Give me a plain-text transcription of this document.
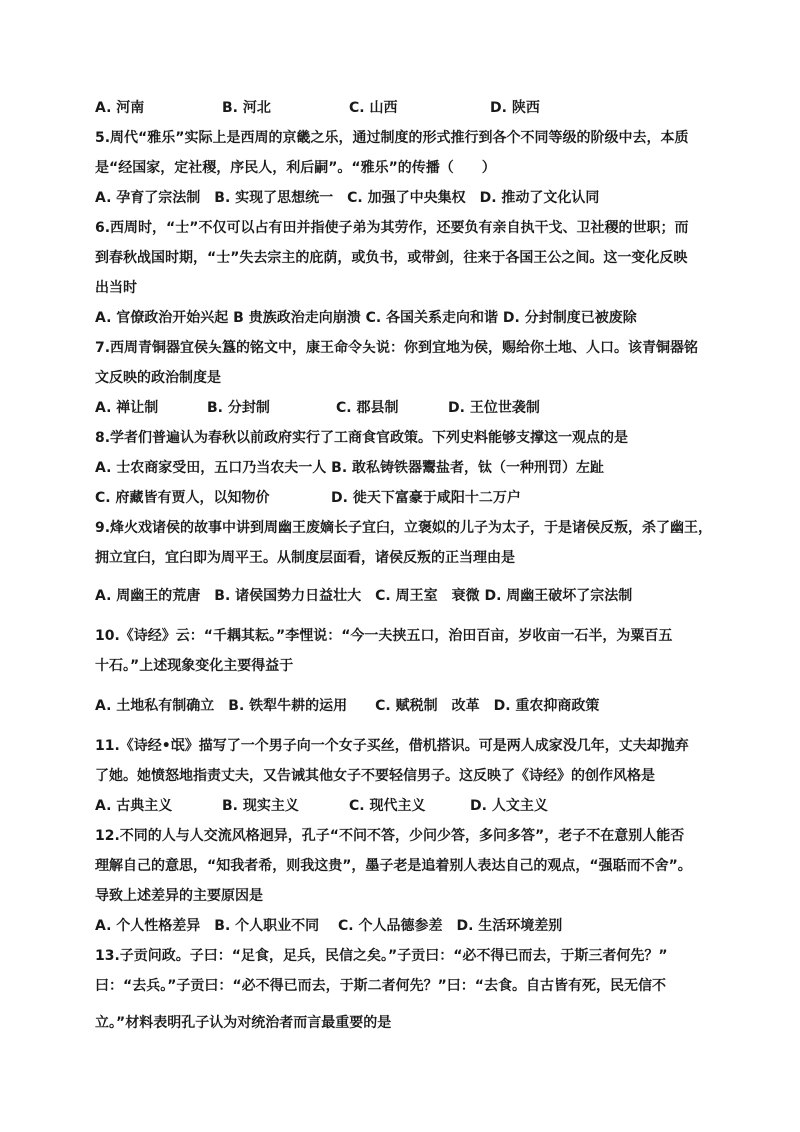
A. 河南	B. 河北	C. 山西	D. 陕西
5.周代“雅乐”实际上是西周的京畿之乐，通过制度的形式推行到各个不同等级的阶级中去，本质
是“经国家，定社稷，序民人，利后嗣”。“雅乐”的传播（　　）
A. 孕育了宗法制　B. 实现了思想统一　C. 加强了中央集权　D. 推动了文化认同
6.西周时，“士”不仅可以占有田并指使子弟为其劳作，还要负有亲自执干戈、卫社稷的世职；而
到春秋战国时期，“士”失去宗主的庇荫，或负书，或带剑，往来于各国王公之间。这一变化反映
出当时
A. 官僚政治开始兴起 B 贵族政治走向崩溃 C. 各国关系走向和谐 D. 分封制度已被废除
7.西周青铜器宜侯夨簋的铭文中，康王命令夨说：你到宜地为侯，赐给你土地、人口。该青铜器铭
文反映的政治制度是
A. 禅让制	B. 分封制	C. 郡县制	D. 王位世袭制
8.学者们普遍认为春秋以前政府实行了工商食官政策。下列史料能够支撑这一观点的是
A. 士农商家受田，五口乃当农夫一人 B. 敢私铸铁器鬻盐者，钛（一种刑罚）左趾
C. 府藏皆有贾人，以知物价	D. 徙天下富豪于咸阳十二万户
9.烽火戏诸侯的故事中讲到周幽王废嫡长子宜臼，立褒姒的儿子为太子，于是诸侯反叛，杀了幽王，
拥立宜臼，宜臼即为周平王。从制度层面看，诸侯反叛的正当理由是
A. 周幽王的荒唐　B. 诸侯国势力日益壮大　C. 周王室　衰微 D. 周幽王破坏了宗法制
10.《诗经》云：“千耦其耘。”李悝说：“今一夫挟五口，治田百亩，岁收亩一石半，为粟百五
十石。”上述现象变化主要得益于
A. 土地私有制确立　B. 铁犁牛耕的运用　　C. 赋税制　改革　D. 重农抑商政策
11.《诗经•氓》描写了一个男子向一个女子买丝，借机搭识。可是两人成家没几年，丈夫却抛弃
了她。她愤怒地指责丈夫，又告诫其他女子不要轻信男子。这反映了《诗经》的创作风格是
A. 古典主义	B. 现实主义	C. 现代主义	D. 人文主义
12.不同的人与人交流风格迥异，孔子“不问不答，少问少答，多问多答”，老子不在意别人能否
理解自己的意思，“知我者希，则我这贵”，墨子老是追着别人表达自己的观点，“强聒而不舍”。
导致上述差异的主要原因是
A. 个人性格差异　B. 个人职业不同　 C. 个人品德参差　D. 生活环境差别
13.子贡问政。子曰：“足食，足兵，民信之矣。”子贡曰：“必不得已而去，于斯三者何先？”
曰：“去兵。”子贡曰：“必不得已而去，于斯二者何先？”曰：“去食。自古皆有死，民无信不
立。”材料表明孔子认为对统治者而言最重要的是
